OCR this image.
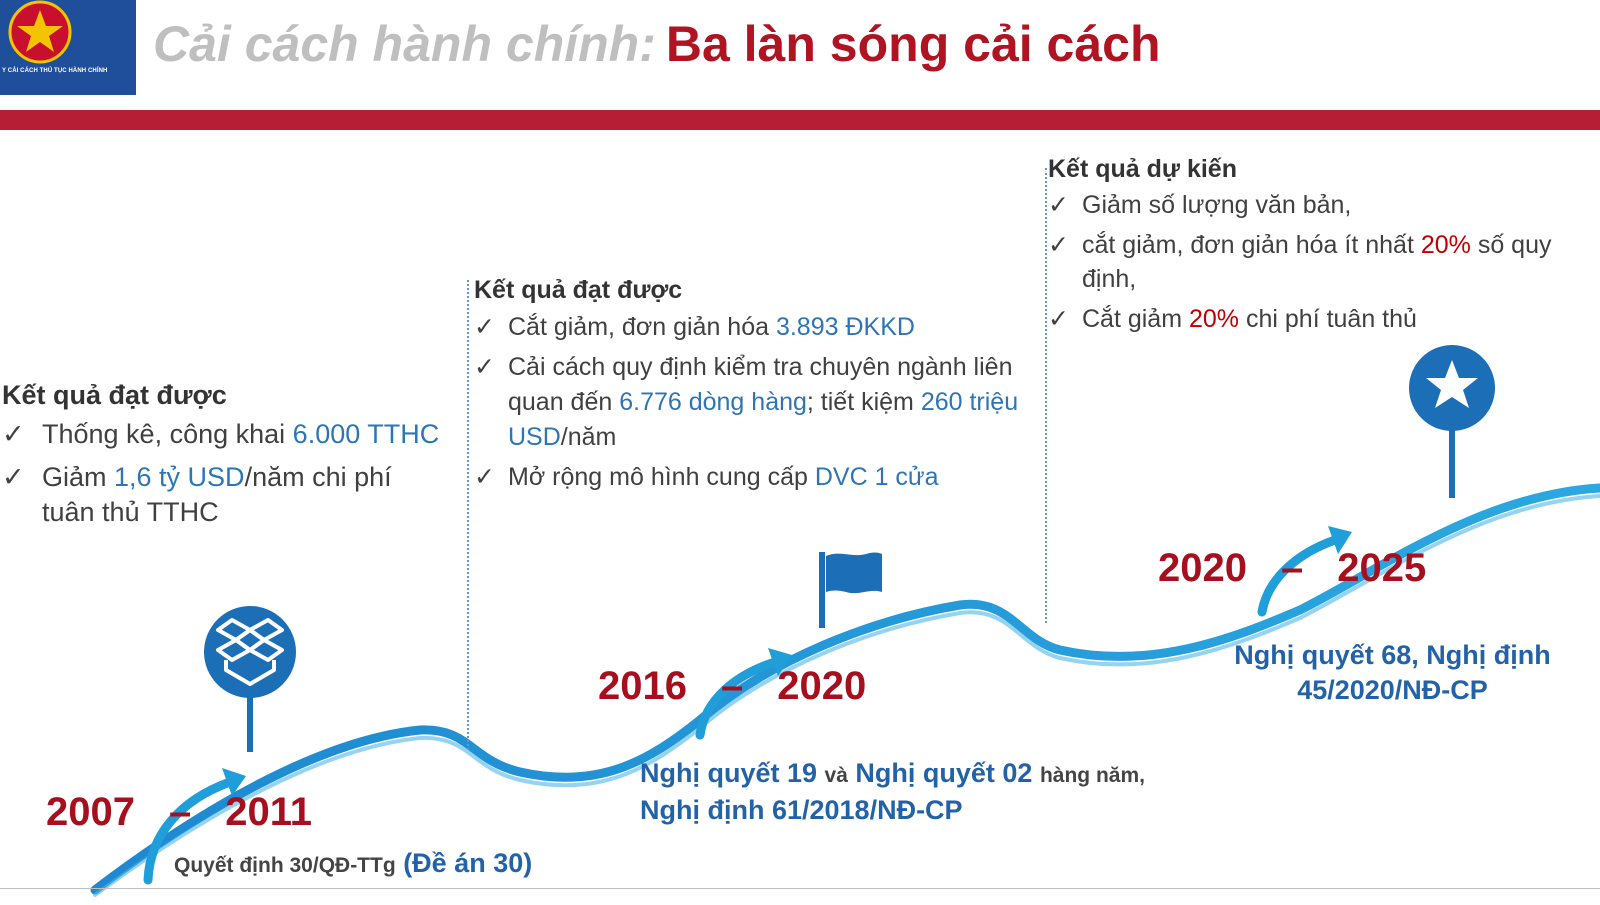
Y CẢI CÁCH THỦ TỤC HÀNH CHÍNH Cải cách hành chính: Ba làn sóng cải cách
Kết quả đạt được
✓ Thống kê, công khai 6.000 TTHC
✓ Giảm 1,6 tỷ USD/năm chi phí tuân thủ TTHC
Kết quả đạt được
✓ Cắt giảm, đơn giản hóa 3.893 ĐKKD
✓ Cải cách quy định kiểm tra chuyên ngành liên quan đến 6.776 dòng hàng; tiết kiệm 260 triệu USD/năm
✓ Mở rộng mô hình cung cấp DVC 1 cửa
Kết quả dự kiến
✓ Giảm số lượng văn bản,
✓ cắt giảm, đơn giản hóa ít nhất 20% số quy định,
✓ Cắt giảm 20% chi phí tuân thủ
2007 – 2011
2016 – 2020
2020 – 2025
Quyết định 30/QĐ-TTg (Đề án 30)
Nghị quyết 19 và Nghị quyết 02 hàng năm, Nghị định 61/2018/NĐ-CP
Nghị quyết 68, Nghị định
45/2020/NĐ-CP
